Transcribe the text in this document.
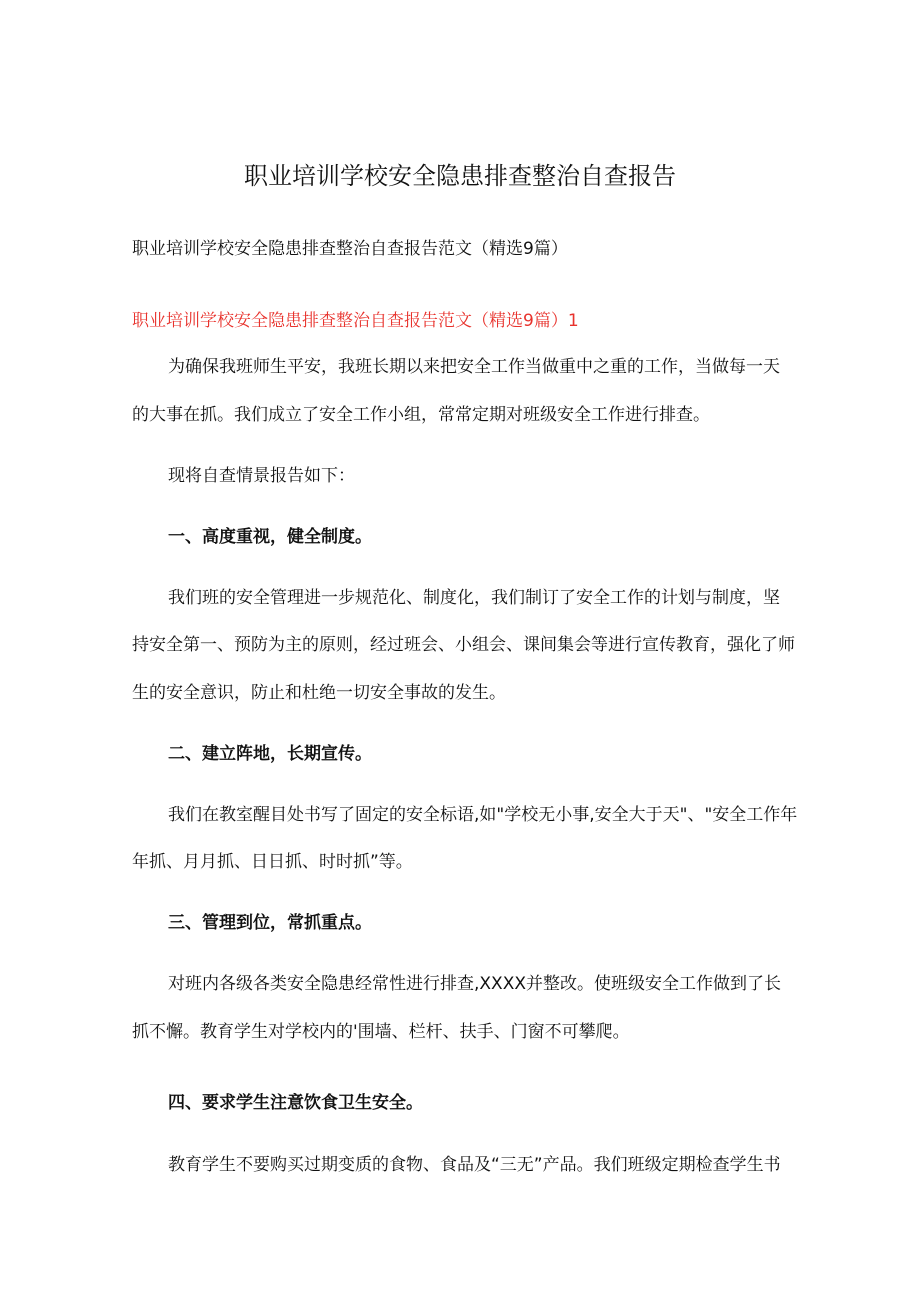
职业培训学校安全隐患排查整治自查报告

职业培训学校安全隐患排查整治自查报告范文（精选9篇）

职业培训学校安全隐患排查整治自查报告范文（精选9篇）1

为确保我班师生平安，我班长期以来把安全工作当做重中之重的工作，当做每一天

的大事在抓。我们成立了安全工作小组，常常定期对班级安全工作进行排查。

现将自查情景报告如下：

一、高度重视，健全制度。

我们班的安全管理进一步规范化、制度化，我们制订了安全工作的计划与制度，坚

持安全第一、预防为主的原则，经过班会、小组会、课间集会等进行宣传教育，强化了师

生的安全意识，防止和杜绝一切安全事故的发生。

二、建立阵地，长期宣传。

我们在教室醒目处书写了固定的安全标语,如"学校无小事,安全大于天"、"安全工作年

年抓、月月抓、日日抓、时时抓”等。

三、管理到位，常抓重点。

对班内各级各类安全隐患经常性进行排查,XXXX并整改。使班级安全工作做到了长

抓不懈。教育学生对学校内的'围墙、栏杆、扶手、门窗不可攀爬。

四、要求学生注意饮食卫生安全。

教育学生不要购买过期变质的食物、食品及“三无”产品。我们班级定期检查学生书
